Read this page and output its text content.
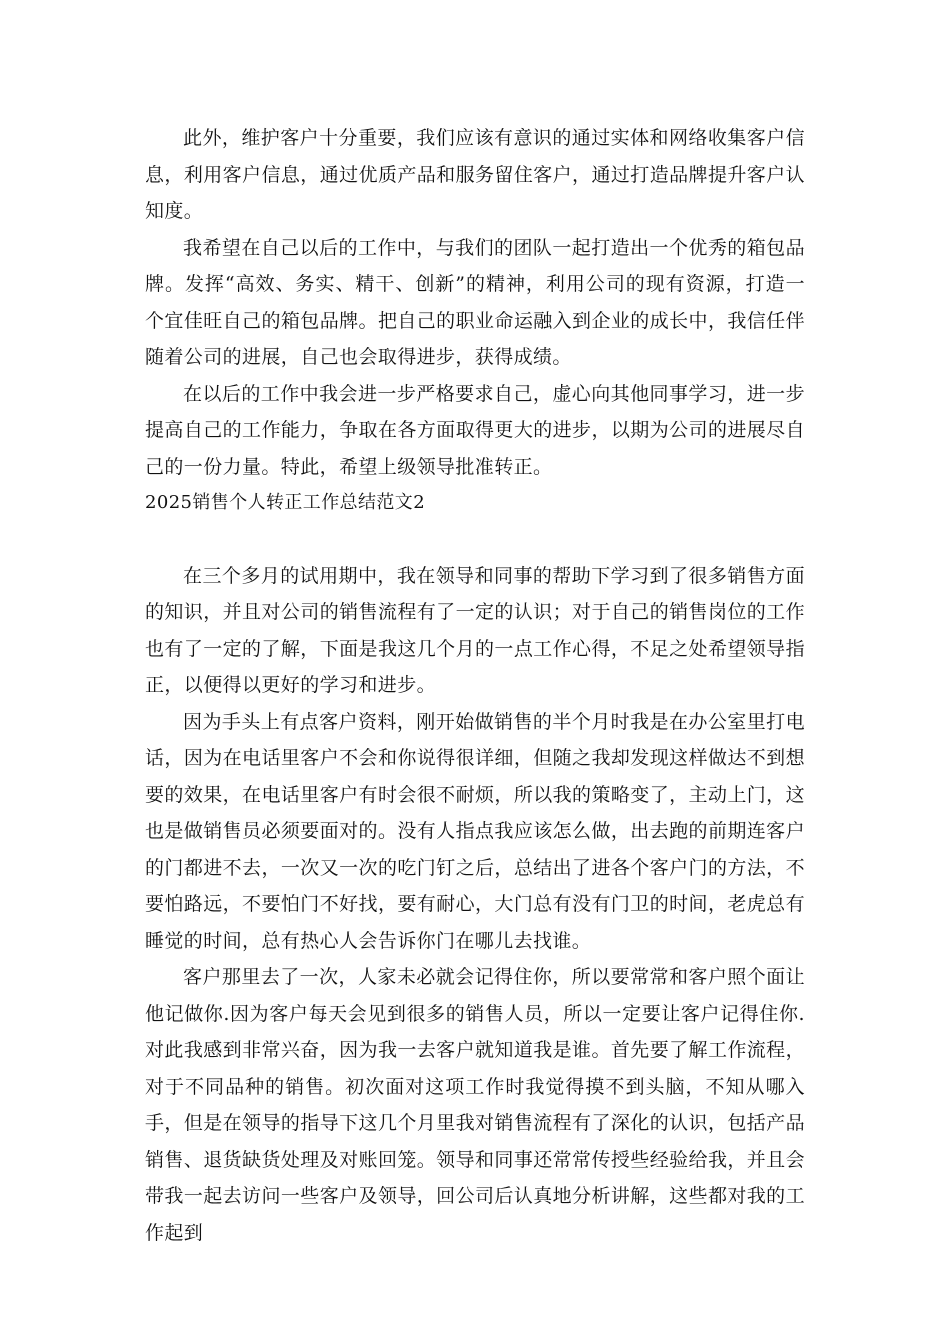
此外，维护客户十分重要，我们应该有意识的通过实体和网络收集客户信息，利用客户信息，通过优质产品和服务留住客户，通过打造品牌提升客户认知度。

我希望在自己以后的工作中，与我们的团队一起打造出一个优秀的箱包品牌。发挥“高效、务实、精干、创新”的精神，利用公司的现有资源，打造一个宜佳旺自己的箱包品牌。把自己的职业命运融入到企业的成长中，我信任伴随着公司的进展，自己也会取得进步，获得成绩。

在以后的工作中我会进一步严格要求自己，虚心向其他同事学习，进一步提高自己的工作能力，争取在各方面取得更大的进步，以期为公司的进展尽自己的一份力量。特此，希望上级领导批准转正。

2025销售个人转正工作总结范文2

在三个多月的试用期中，我在领导和同事的帮助下学习到了很多销售方面的知识，并且对公司的销售流程有了一定的认识；对于自己的销售岗位的工作也有了一定的了解，下面是我这几个月的一点工作心得，不足之处希望领导指正，以便得以更好的学习和进步。

因为手头上有点客户资料，刚开始做销售的半个月时我是在办公室里打电话，因为在电话里客户不会和你说得很详细，但随之我却发现这样做达不到想要的效果，在电话里客户有时会很不耐烦，所以我的策略变了，主动上门，这也是做销售员必须要面对的。没有人指点我应该怎么做，出去跑的前期连客户的门都进不去，一次又一次的吃门钉之后，总结出了进各个客户门的方法，不要怕路远，不要怕门不好找，要有耐心，大门总有没有门卫的时间，老虎总有睡觉的时间，总有热心人会告诉你门在哪儿去找谁。

客户那里去了一次，人家未必就会记得住你，所以要常常和客户照个面让他记做你.因为客户每天会见到很多的销售人员，所以一定要让客户记得住你.对此我感到非常兴奋，因为我一去客户就知道我是谁。首先要了解工作流程，对于不同品种的销售。初次面对这项工作时我觉得摸不到头脑，不知从哪入手，但是在领导的指导下这几个月里我对销售流程有了深化的认识，包括产品销售、退货缺货处理及对账回笼。领导和同事还常常传授些经验给我，并且会带我一起去访问一些客户及领导，回公司后认真地分析讲解，这些都对我的工作起到
